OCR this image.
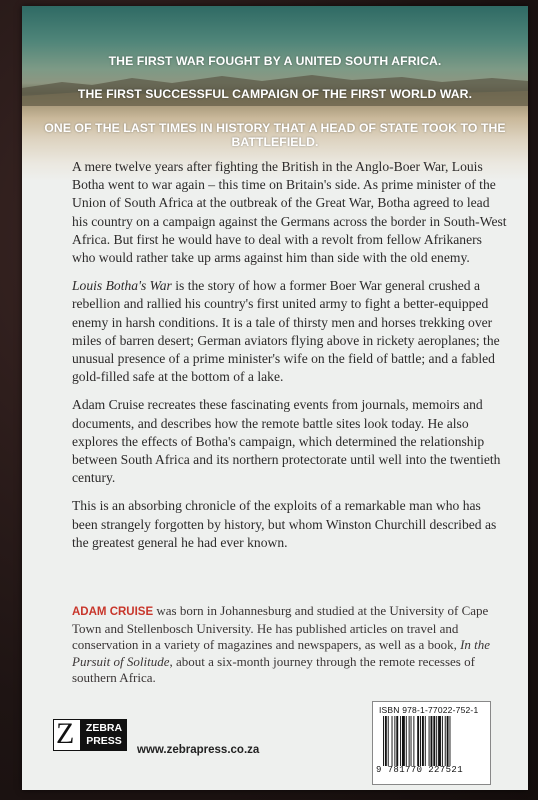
THE FIRST WAR FOUGHT BY A UNITED SOUTH AFRICA.
THE FIRST SUCCESSFUL CAMPAIGN OF THE FIRST WORLD WAR.
ONE OF THE LAST TIMES IN HISTORY THAT A HEAD OF STATE TOOK TO THE BATTLEFIELD.

A mere twelve years after fighting the British in the Anglo-Boer War, Louis Botha went to war again – this time on Britain's side. As prime minister of the Union of South Africa at the outbreak of the Great War, Botha agreed to lead his country on a campaign against the Germans across the border in South-West Africa. But first he would have to deal with a revolt from fellow Afrikaners who would rather take up arms against him than side with the old enemy.

Louis Botha's War is the story of how a former Boer War general crushed a rebellion and rallied his country's first united army to fight a better-equipped enemy in harsh conditions. It is a tale of thirsty men and horses trekking over miles of barren desert; German aviators flying above in rickety aeroplanes; the unusual presence of a prime minister's wife on the field of battle; and a fabled gold-filled safe at the bottom of a lake.

Adam Cruise recreates these fascinating events from journals, memoirs and documents, and describes how the remote battle sites look today. He also explores the effects of Botha's campaign, which determined the relationship between South Africa and its northern protectorate until well into the twentieth century.

This is an absorbing chronicle of the exploits of a remarkable man who has been strangely forgotten by history, but whom Winston Churchill described as the greatest general he had ever known.

ADAM CRUISE was born in Johannesburg and studied at the University of Cape Town and Stellenbosch University. He has published articles on travel and conservation in a variety of magazines and newspapers, as well as a book, In the Pursuit of Solitude, about a six-month journey through the remote recesses of southern Africa.
Z	ZEBRA
PRESS
www.zebrapress.co.za
ISBN 978-1-77022-752-1
9 781770 227521
